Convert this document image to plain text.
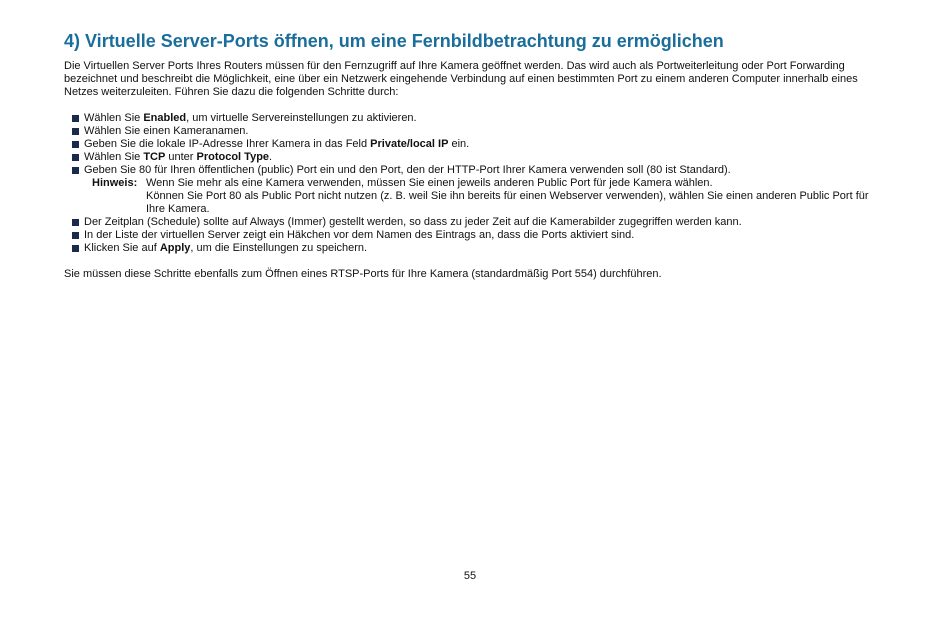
4) Virtuelle Server-Ports öffnen, um eine Fernbildbetrachtung zu ermöglichen

Die Virtuellen Server Ports Ihres Routers müssen für den Fernzugriff auf Ihre Kamera geöffnet werden. Das wird auch als Portweiterleitung oder Port Forwarding bezeichnet und beschreibt die Möglichkeit, eine über ein Netzwerk eingehende Verbindung auf einen bestimmten Port zu einem anderen Computer innerhalb eines Netzes weiterzuleiten. Führen Sie dazu die folgenden Schritte durch:

Wählen Sie Enabled, um virtuelle Servereinstellungen zu aktivieren.
Wählen Sie einen Kameranamen.
Geben Sie die lokale IP-Adresse Ihrer Kamera in das Feld Private/local IP ein.
Wählen Sie TCP unter Protocol Type.
Geben Sie 80 für Ihren öffentlichen (public) Port ein und den Port, den der HTTP-Port Ihrer Kamera verwenden soll (80 ist Standard).
Hinweis: Wenn Sie mehr als eine Kamera verwenden, müssen Sie einen jeweils anderen Public Port für jede Kamera wählen.
Können Sie Port 80 als Public Port nicht nutzen (z. B. weil Sie ihn bereits für einen Webserver verwenden), wählen Sie einen anderen Public Port für Ihre Kamera.
Der Zeitplan (Schedule) sollte auf Always (Immer) gestellt werden, so dass zu jeder Zeit auf die Kamerabilder zugegriffen werden kann.
In der Liste der virtuellen Server zeigt ein Häkchen vor dem Namen des Eintrags an, dass die Ports aktiviert sind.
Klicken Sie auf Apply, um die Einstellungen zu speichern.

Sie müssen diese Schritte ebenfalls zum Öffnen eines RTSP-Ports für Ihre Kamera (standardmäßig Port 554) durchführen.

55
